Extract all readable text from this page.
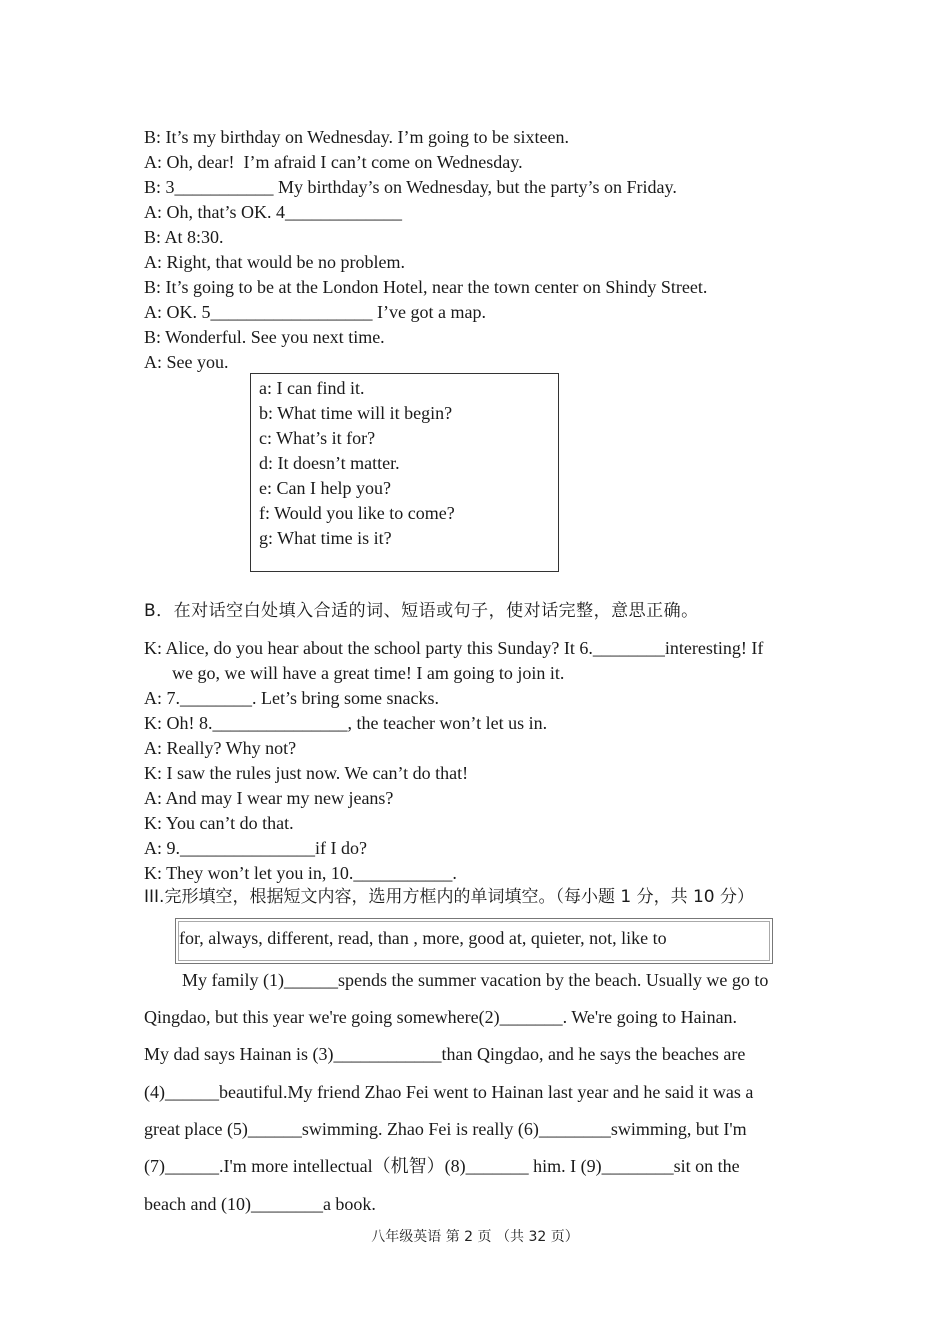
B: It’s my birthday on Wednesday. I’m going to be sixteen.
A: Oh, dear!  I’m afraid I can’t come on Wednesday.
B: 3___________ My birthday’s on Wednesday, but the party’s on Friday.
A: Oh, that’s OK. 4_____________
B: At 8:30.
A: Right, that would be no problem.
B: It’s going to be at the London Hotel, near the town center on Shindy Street.
A: OK. 5__________________ I’ve got a map.
B: Wonderful. See you next time.
A: See you.
a: I can find it.
b: What time will it begin?
c: What’s it for?
d: It doesn’t matter.
e: Can I help you?
f: Would you like to come?
g: What time is it?
B．在对话空白处填入合适的词、短语或句子，使对话完整，意思正确。
K: Alice, do you hear about the school party this Sunday? It 6.________interesting! If
we go, we will have a great time! I am going to join it.
A: 7.________. Let’s bring some snacks.
K: Oh! 8._______________, the teacher won’t let us in.
A: Really? Why not?
K: I saw the rules just now. We can’t do that!
A: And may I wear my new jeans?
K: You can’t do that.
A: 9._______________if I do?
K: They won’t let you in, 10.___________.
III.完形填空，根据短文内容，选用方框内的单词填空。（每小题 1 分，共 10 分）
for, always, different, read, than , more, good at, quieter, not, like to
My family (1)______spends the summer vacation by the beach. Usually we go to
Qingdao, but this year we're going somewhere(2)_______. We're going to Hainan.
My dad says Hainan is (3)____________than Qingdao, and he says the beaches are
(4)______beautiful.My friend Zhao Fei went to Hainan last year and he said it was a
great place (5)______swimming. Zhao Fei is really (6)________swimming, but I'm
(7)______.I'm more intellectual（机智）(8)_______ him. I (9)________sit on the
beach and (10)________a book.
八年级英语 第 2 页 （共 32 页）
